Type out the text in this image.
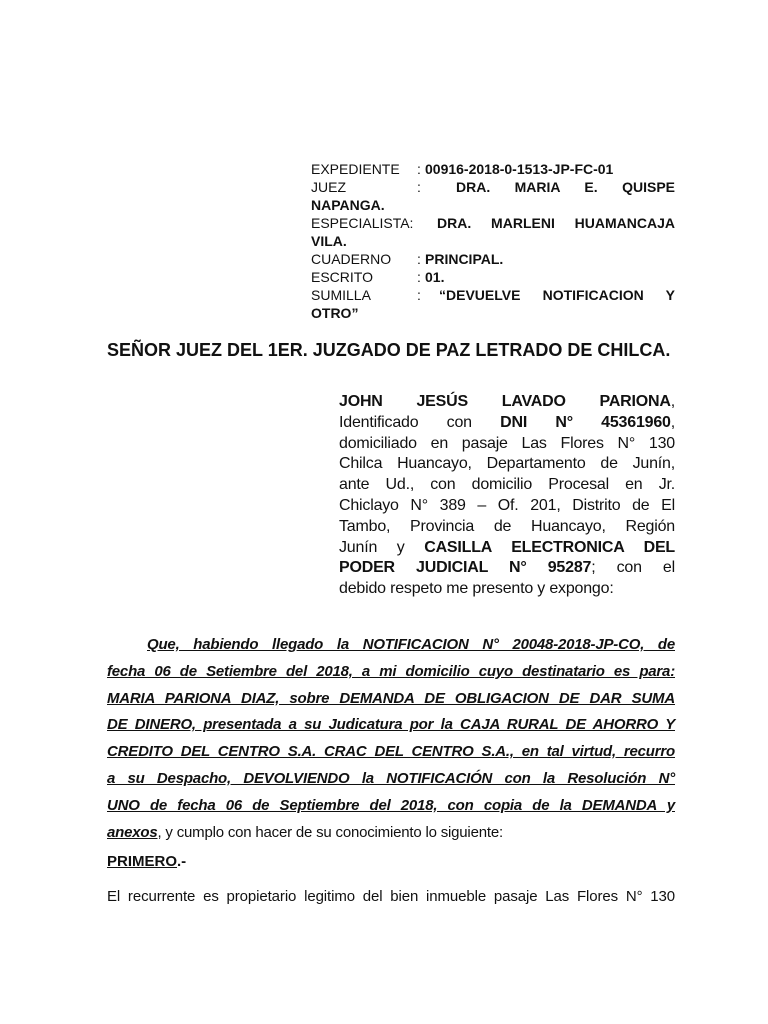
EXPEDIENTE : 00916-2018-0-1513-JP-FC-01
JUEZ	:	DRA. MARIA E. QUISPE
NAPANGA.
ESPECIALISTA: DRA. MARLENI HUAMANCAJA
VILA.
CUADERNO : PRINCIPAL.
ESCRITO	: 01.
SUMILLA	: “DEVUELVE NOTIFICACION Y
OTRO”
SEÑOR JUEZ DEL 1ER. JUZGADO DE PAZ LETRADO DE CHILCA.
JOHN JESÚS LAVADO PARIONA,
Identificado con DNI N° 45361960,
domiciliado en pasaje Las Flores N° 130
Chilca Huancayo, Departamento de Junín,
ante Ud., con domicilio Procesal en Jr.
Chiclayo N° 389 – Of. 201, Distrito de El
Tambo, Provincia de Huancayo, Región
Junín y CASILLA ELECTRONICA DEL
PODER JUDICIAL N° 95287; con el
debido respeto me presento y expongo:
Que, habiendo llegado la NOTIFICACION N° 20048-2018-JP-CO, de
fecha 06 de Setiembre del 2018, a mi domicilio cuyo destinatario es para:
MARIA PARIONA DIAZ, sobre DEMANDA DE OBLIGACION DE DAR SUMA
DE DINERO, presentada a su Judicatura por la CAJA RURAL DE AHORRO Y
CREDITO DEL CENTRO S.A. CRAC DEL CENTRO S.A., en tal virtud, recurro
a su Despacho, DEVOLVIENDO la NOTIFICACIÓN con la Resolución N°
UNO de fecha 06 de Septiembre del 2018, con copia de la DEMANDA y
anexos, y cumplo con hacer de su conocimiento lo siguiente:
PRIMERO.-
El recurrente es propietario legitimo del bien inmueble pasaje Las Flores N° 130
